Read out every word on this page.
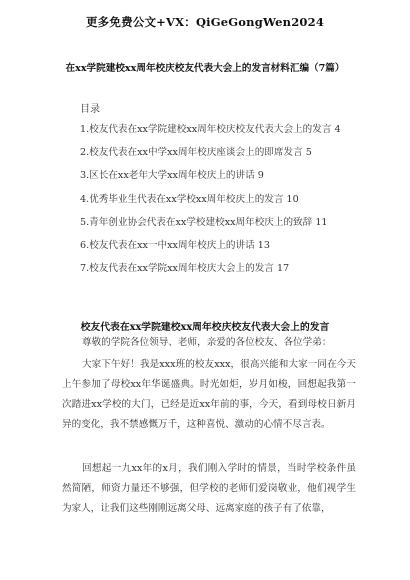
更多免费公文+VX：QiGeGongWen2024
在xx学院建校xx周年校庆校友代表大会上的发言材料汇编（7篇）
目录
1.校友代表在xx学院建校xx周年校庆校友代表大会上的发言 4
2.校友代表在xx中学xx周年校庆座谈会上的即席发言 5
3.区长在xx老年大学xx周年校庆上的讲话 9
4.优秀毕业生代表在xx学校xx周年校庆上的发言 10
5.青年创业协会代表在xx学校建校xx周年校庆上的致辞 11
6.校友代表在xx一中xx周年校庆上的讲话 13
7.校友代表在xx学院xx周年校庆大会上的发言 17
校友代表在xx学院建校xx周年校庆校友代表大会上的发言

尊敬的学院各位领导、老师，亲爱的各位校友、各位学弟：

大家下午好！我是xxx班的校友xxx，很高兴能和大家一同在今天上午参加了母校xx年华诞盛典。时光如炬，岁月如梭，回想起我第一次踏进xx学校的大门，已经是近xx年前的事，今天，看到母校日新月异的变化，我不禁感慨万千，这种喜悦、激动的心情不尽言表。

回想起一九xx年的x月，我们刚入学时的情景，当时学校条件虽然简陋，师资力量还不够强，但学校的老师们爱岗敬业，他们视学生为家人，让我们这些刚刚远离父母、远离家庭的孩子有了依靠，
